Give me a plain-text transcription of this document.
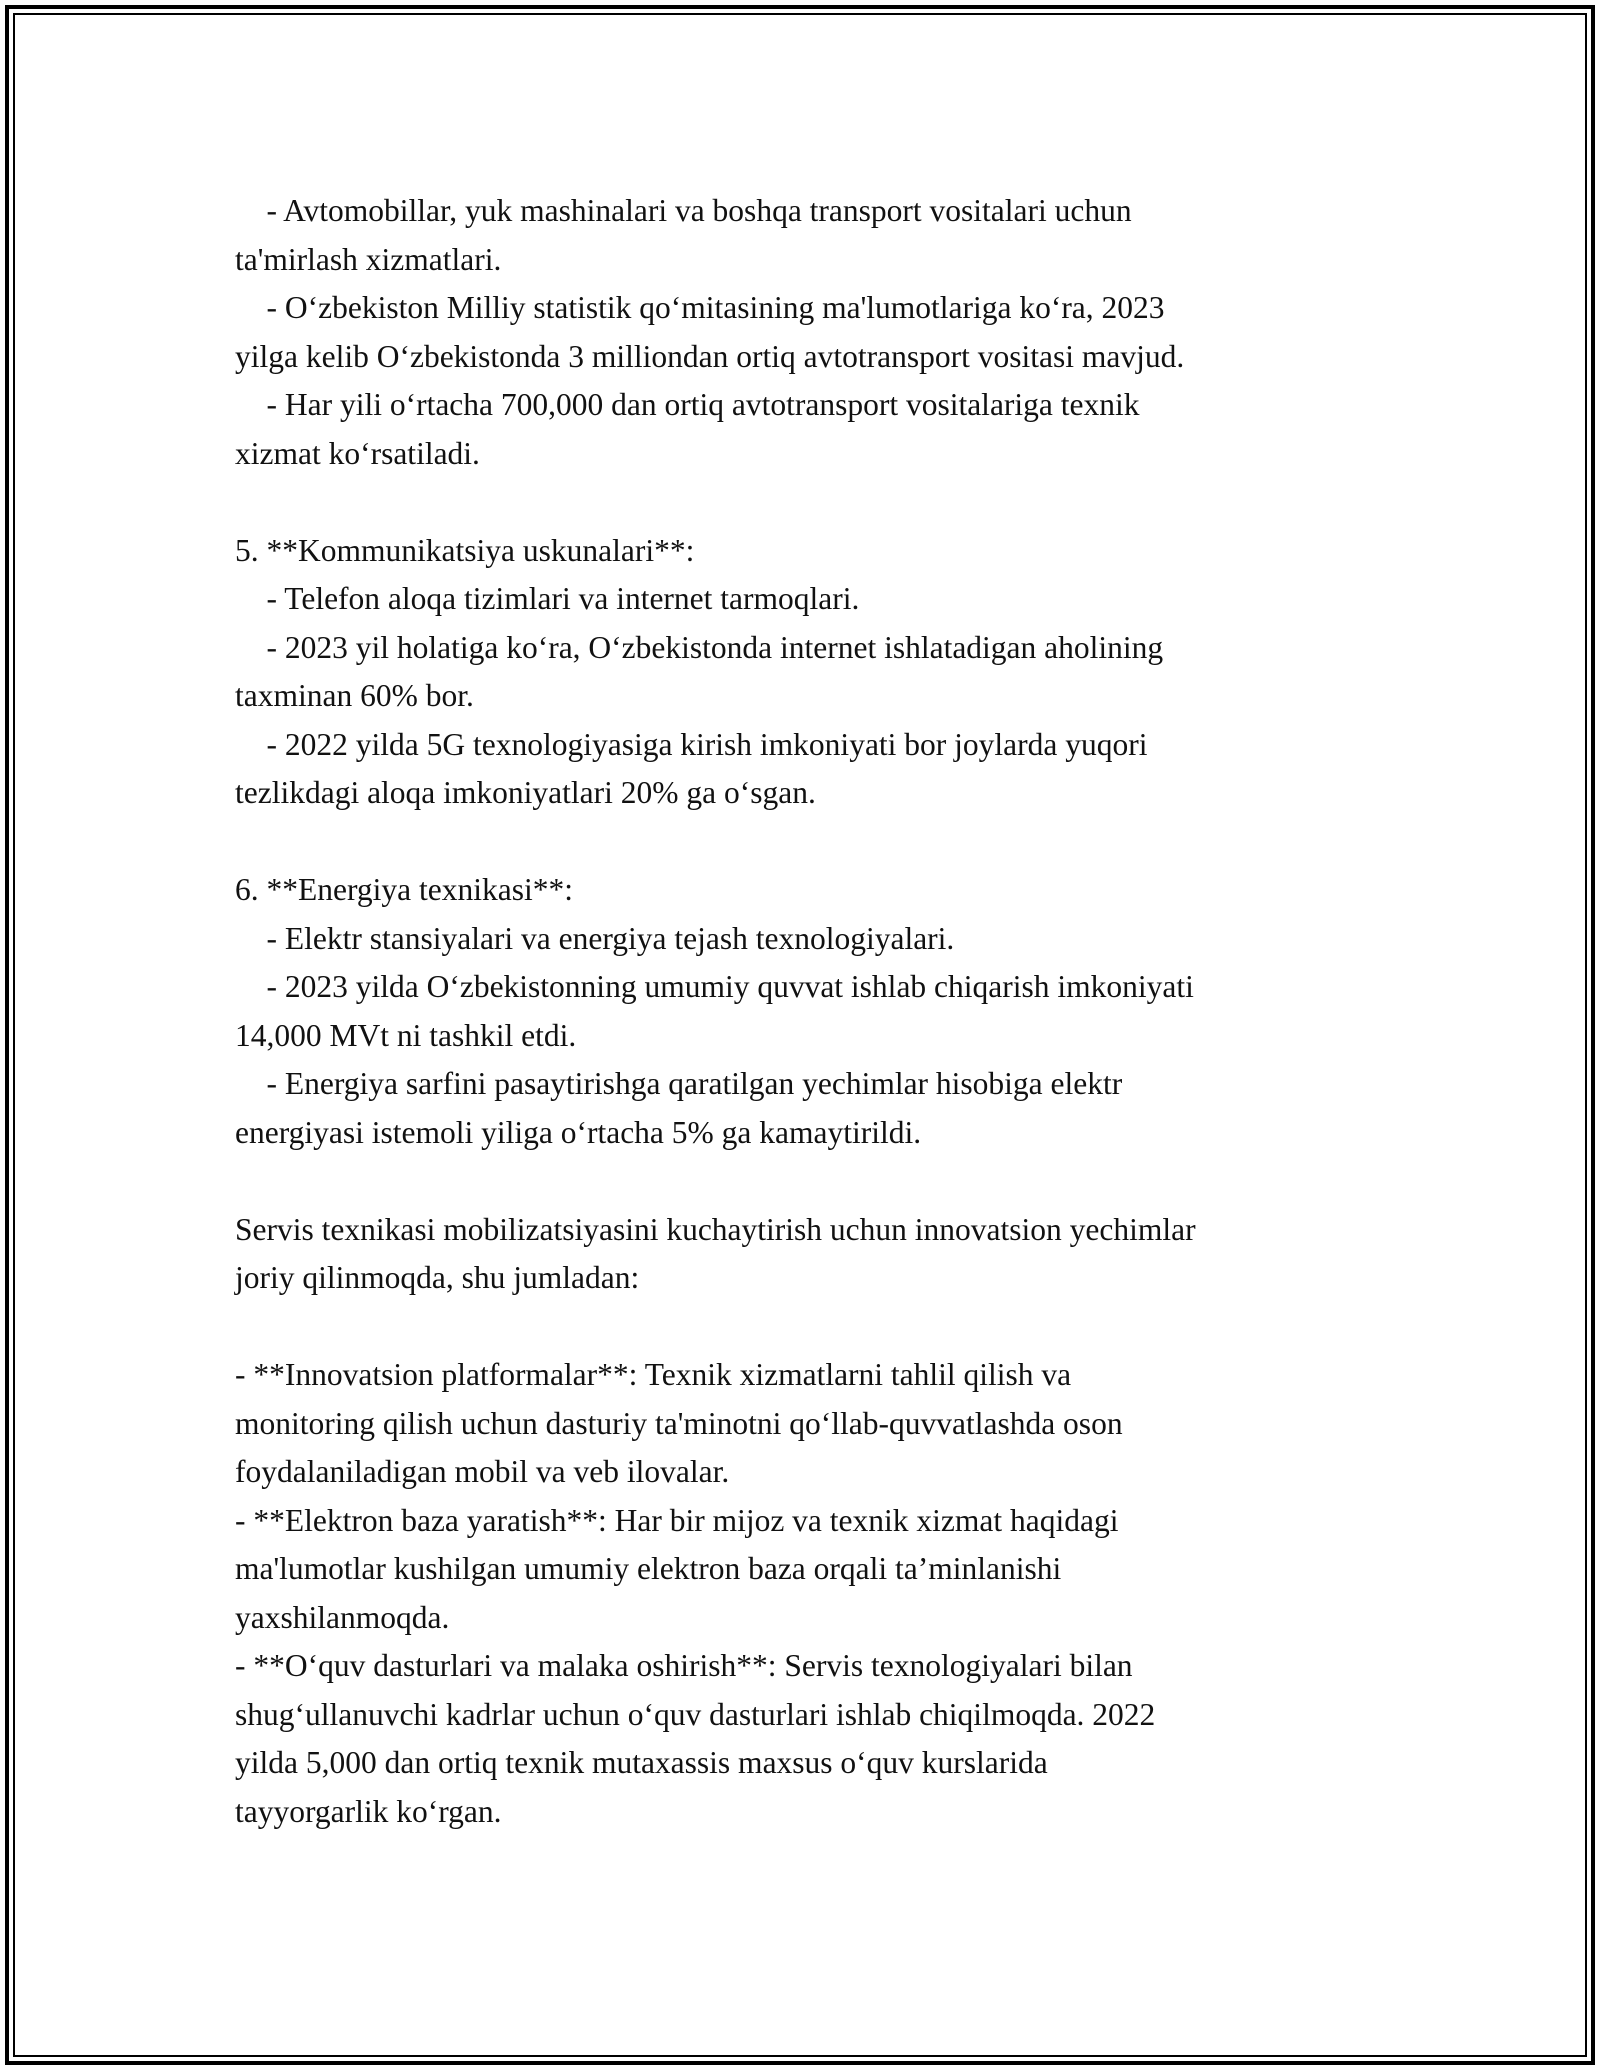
- Avtomobillar, yuk mashinalari va boshqa transport vositalari uchun
ta'mirlash xizmatlari.
- O‘zbekiston Milliy statistik qo‘mitasining ma'lumotlariga ko‘ra, 2023
yilga kelib O‘zbekistonda 3 milliondan ortiq avtotransport vositasi mavjud.
- Har yili o‘rtacha 700,000 dan ortiq avtotransport vositalariga texnik
xizmat ko‘rsatiladi.
5. **Kommunikatsiya uskunalari**:
- Telefon aloqa tizimlari va internet tarmoqlari.
- 2023 yil holatiga ko‘ra, O‘zbekistonda internet ishlatadigan aholining
taxminan 60% bor.
- 2022 yilda 5G texnologiyasiga kirish imkoniyati bor joylarda yuqori
tezlikdagi aloqa imkoniyatlari 20% ga o‘sgan.
6. **Energiya texnikasi**:
- Elektr stansiyalari va energiya tejash texnologiyalari.
- 2023 yilda O‘zbekistonning umumiy quvvat ishlab chiqarish imkoniyati
14,000 MVt ni tashkil etdi.
- Energiya sarfini pasaytirishga qaratilgan yechimlar hisobiga elektr
energiyasi istemoli yiliga o‘rtacha 5% ga kamaytirildi.
Servis texnikasi mobilizatsiyasini kuchaytirish uchun innovatsion yechimlar
joriy qilinmoqda, shu jumladan:
- **Innovatsion platformalar**: Texnik xizmatlarni tahlil qilish va
monitoring qilish uchun dasturiy ta'minotni qo‘llab-quvvatlashda oson
foydalaniladigan mobil va veb ilovalar.
- **Elektron baza yaratish**: Har bir mijoz va texnik xizmat haqidagi
ma'lumotlar kushilgan umumiy elektron baza orqali ta’minlanishi
yaxshilanmoqda.
- **O‘quv dasturlari va malaka oshirish**: Servis texnologiyalari bilan
shug‘ullanuvchi kadrlar uchun o‘quv dasturlari ishlab chiqilmoqda. 2022
yilda 5,000 dan ortiq texnik mutaxassis maxsus o‘quv kurslarida
tayyorgarlik ko‘rgan.
